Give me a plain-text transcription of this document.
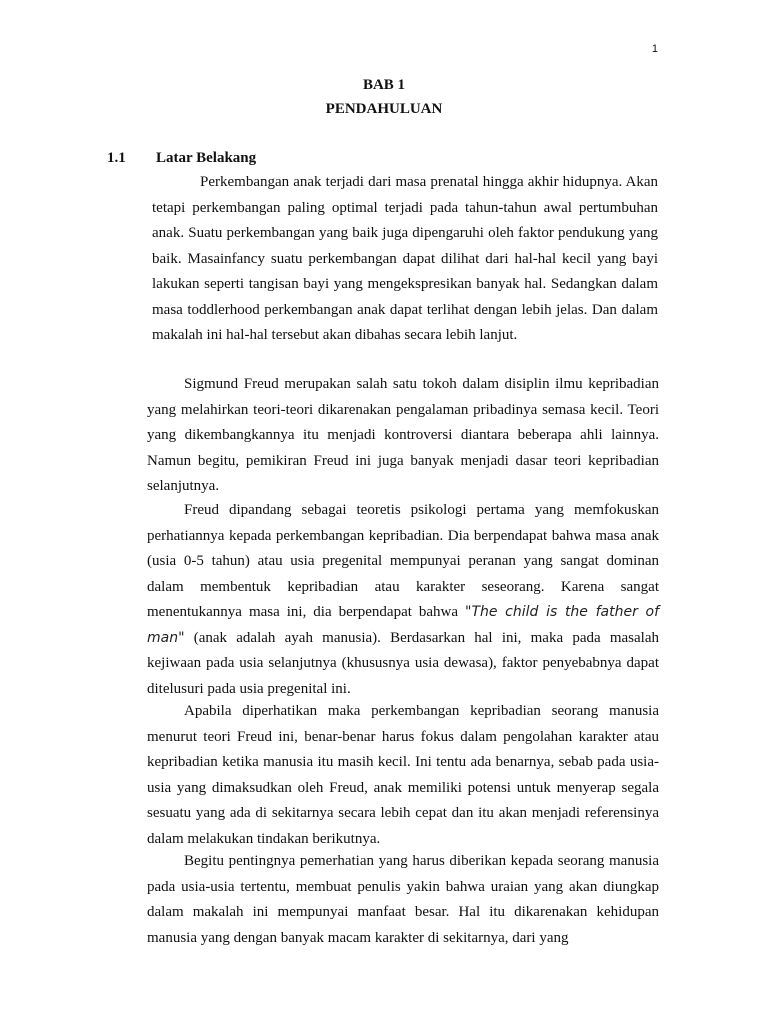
1
BAB 1
PENDAHULUAN
1.1 Latar Belakang

Perkembangan anak terjadi dari masa prenatal hingga akhir hidupnya. Akan tetapi perkembangan paling optimal terjadi pada tahun-tahun awal pertumbuhan anak. Suatu perkembangan yang baik juga dipengaruhi oleh faktor pendukung yang baik. Masainfancy suatu perkembangan dapat dilihat dari hal-hal kecil yang bayi lakukan seperti tangisan bayi yang mengekspresikan banyak hal. Sedangkan dalam masa toddlerhood perkembangan anak dapat terlihat dengan lebih jelas. Dan dalam makalah ini hal-hal tersebut akan dibahas secara lebih lanjut.

Sigmund Freud merupakan salah satu tokoh dalam disiplin ilmu kepribadian yang melahirkan teori-teori dikarenakan pengalaman pribadinya semasa kecil. Teori yang dikembangkannya itu menjadi kontroversi diantara beberapa ahli lainnya. Namun begitu, pemikiran Freud ini juga banyak menjadi dasar teori kepribadian selanjutnya.

Freud dipandang sebagai teoretis psikologi pertama yang memfokuskan perhatiannya kepada perkembangan kepribadian. Dia berpendapat bahwa masa anak (usia 0-5 tahun) atau usia pregenital mempunyai peranan yang sangat dominan dalam membentuk kepribadian atau karakter seseorang. Karena sangat menentukannya masa ini, dia berpendapat bahwa "The child is the father of man" (anak adalah ayah manusia). Berdasarkan hal ini, maka pada masalah kejiwaan pada usia selanjutnya (khususnya usia dewasa), faktor penyebabnya dapat ditelusuri pada usia pregenital ini.

Apabila diperhatikan maka perkembangan kepribadian seorang manusia menurut teori Freud ini, benar-benar harus fokus dalam pengolahan karakter atau kepribadian ketika manusia itu masih kecil. Ini tentu ada benarnya, sebab pada usia-usia yang dimaksudkan oleh Freud, anak memiliki potensi untuk menyerap segala sesuatu yang ada di sekitarnya secara lebih cepat dan itu akan menjadi referensinya dalam melakukan tindakan berikutnya.

Begitu pentingnya pemerhatian yang harus diberikan kepada seorang manusia pada usia-usia tertentu, membuat penulis yakin bahwa uraian yang akan diungkap dalam makalah ini mempunyai manfaat besar. Hal itu dikarenakan kehidupan manusia yang dengan banyak macam karakter di sekitarnya, dari yang
